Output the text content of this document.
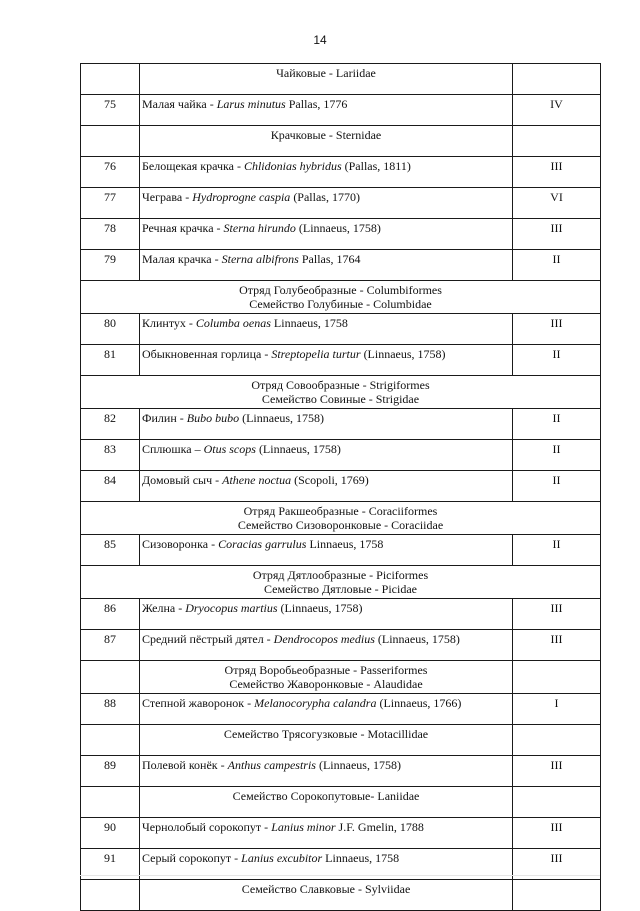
14

	Чайковые - Lariidae	

75	Малая чайка - Larus minutus Pallas, 1776	IV

	Крачковые - Sternidae	

76	Белощекая крачка - Chlidonias hybridus (Pallas, 1811)	III
77	Чеграва - Hydroprogne caspia (Pallas, 1770)	VI
78	Речная крачка - Sterna hirundo (Linnaeus, 1758)	III
79	Малая крачка - Sterna albifrons Pallas, 1764	II

Отряд Голубеобразные - Columbiformes
Семейство Голубиные - Columbidae		

80	Клинтух - Columba oenas Linnaeus, 1758	III
81	Обыкновенная горлица - Streptopelia turtur (Linnaeus, 1758)	II

Отряд Совообразные - Strigiformes
Семейство Совиные - Strigidae		

82	Филин - Bubo bubo (Linnaeus, 1758)	II
83	Сплюшка – Otus scops (Linnaeus, 1758)	II
84	Домовый сыч - Athene noctua (Scopoli, 1769)	II

Отряд Ракшеобразные - Coraciiformes
Семейство Сизоворонковые - Coraciidae		

85	Сизоворонка - Coracias garrulus Linnaeus, 1758	II

Отряд Дятлообразные - Piciformes
Семейство Дятловые - Picidae		

86	Желна - Dryocopus martius (Linnaeus, 1758)	III
87	Средний пёстрый дятел - Dendrocopos medius (Linnaeus, 1758)	III

	Отряд Воробьеобразные - Passeriformes
Семейство Жаворонковые - Alaudidae	

88	Степной жаворонок - Melanocorypha calandra (Linnaeus, 1766)	I

	Семейство Трясогузковые - Motacillidae	

89	Полевой конёк - Anthus campestris (Linnaeus, 1758)	III

	Семейство Сорокопутовые- Laniidae	

90	Чернолобый сорокопут - Lanius minor J.F. Gmelin, 1788	III
91	Серый сорокопут - Lanius excubitor Linnaeus, 1758	III

	Семейство Славковые - Sylviidae	
